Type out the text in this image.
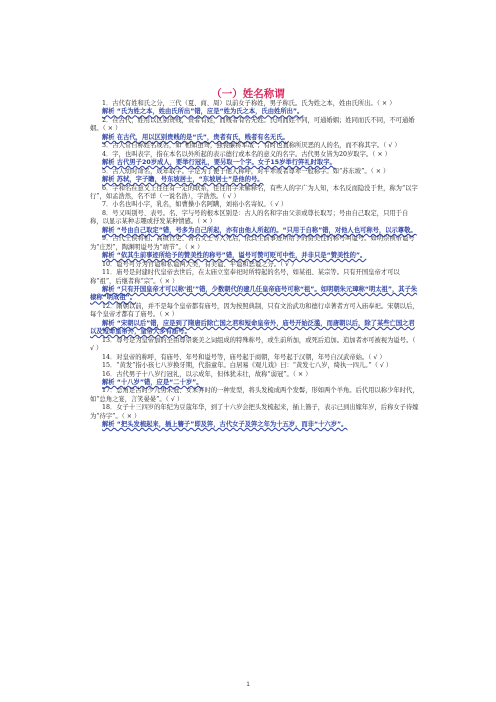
（一）姓名称谓

1．古代有姓和氏之分，三代（夏、商、周）以前女子称姓，男子称氏。氏为姓之本，姓由氏所出。（ × ）

解析 “氏为姓之本，姓由氏所出”错，应是“姓为氏之本，氏由姓所出”。

2．在古代，姓用以区别贵贱，贵者有姓，而贱者有名无姓。氏同而姓不同，可通婚姻；姓同而氏不同，不可通婚姻。（ × ）

解析 在古代，用以区别贵贱的是“氏”，贵者有氏，贱者有名无氏。

3．古人常自称姓名或名，如“相如虽驽，独畏廉将军哉”；有时也直称所厌恶的人的名，而不称其字。（ √ ）

4．字，也叫表字，指在本名以外所起的表示德行或本名的意义的名字。古代男女皆为20岁取字。（ × ）

解析 古代男子20岁成人，要举行冠礼，要另取一个字。女子15岁举行笄礼时取字。

5．古人幼时命名，成年取字。字是为了便于他人称呼，对平辈或者尊辈一般称字。如“苏东坡”。（ × ）

解析 苏轼，字子瞻，号东坡居士，“东坡居士”是他的号。

6．字和名在意义上往往有一定的联系，往往用字来解释名，有些人的字广为人知，本名反而隐没于世，称为“以字行”，如孟浩然，名不详（一说名浩），字浩然。（ √ ）

7．小名也叫小字，乳名，如曹操小名阿瞒，刘裕小名寄奴。（ √ ）

8．号又叫别号、表号。名、字与号的根本区别是：古人的名和字由父亲或尊长取写；号由自己取定，只用于自称，以显示某种志趣或抒发某种情感。（ × ）

解析 “号由自己取定”错，号多为自己所起，亦有由他人所起的。“只用于自称”错，对他人也可称号，以示尊敬。

9．古代王侯将相、高级官吏、著名文士等人死后，依其生前事迹所给予的赞美性的称号叫谥号。如明崇祯帝谥号为“庄烈”，陶渊明谥号为“靖节”。（ × ）

解析 “依其生前事迹所给予的赞美性的称号”错，谥号可赞可贬可中性，并非只是“赞美性的”。

10．谥号可分为官谥和私谥两大类，有美谥、平谥和恶谥之分。（ √ ）

11．庙号是封建时代皇帝去世后，在太庙立室奉祀时所特起的名号，如某祖、某宗等。只有开国皇帝才可以称“祖”，后继者称“宗”。（ × ）

解析 “只有开国皇帝才可以称‘祖’”错，少数朝代的建几任皇帝庙号可称“祖”。如明朝朱元璋称“明太祖”，其子朱棣称“明成祖”。

12．隋朝以前，并不是每个皇帝都有庙号，因为按照典制，只有文治武功和德行卓著者方可入庙奉祀。宋朝以后，每个皇帝才都有了庙号。（ × ）

解析 “宋朝以后”错，应是到了隋唐后除亡国之君和短命皇帝外，庙号开始泛滥，而唐朝以后，除了某些亡国之君以及短命皇帝外，皇帝大多有庙号。

13．尊号是为皇帝加的全由尊崇褒美之词组成的特殊称号，或生前所加，或死后追加。追加者亦可被视为谥号。（ √ ）

14．对皇帝的称呼，有庙号、年号和谥号等，庙号起于商朝，年号起于汉朝，年号自汉武帝始。（ √ ）

15．“黄发”指小孩七八岁换牙期，代指童年。白居易《观儿戏》曰：“黄发七八岁，绮执一四儿。”（ √ ）

16．古代男子十八岁行冠礼，以示成年，但体犹未壮，故称“弱冠”。（ × ）

解析 “十八岁”错，应是“二十岁”。

17．总角是古时少儿男未冠、女未笄时的一种发型，将头发梳成两个发髻，形如两个羊角。后代用以称少年时代，如“总角之宴，言笑晏晏”。（ √ ）

18．女子十三四岁的年纪为豆蔻年华，到了十六岁会把头发梳起来，插上簪子，表示已到出嫁年岁，后称女子待嫁为“待字”。（ × ）

解析 “把头发梳起来，插上簪子”即及笄，古代女子及笄之年为十五岁，而非“十六岁”。

1
